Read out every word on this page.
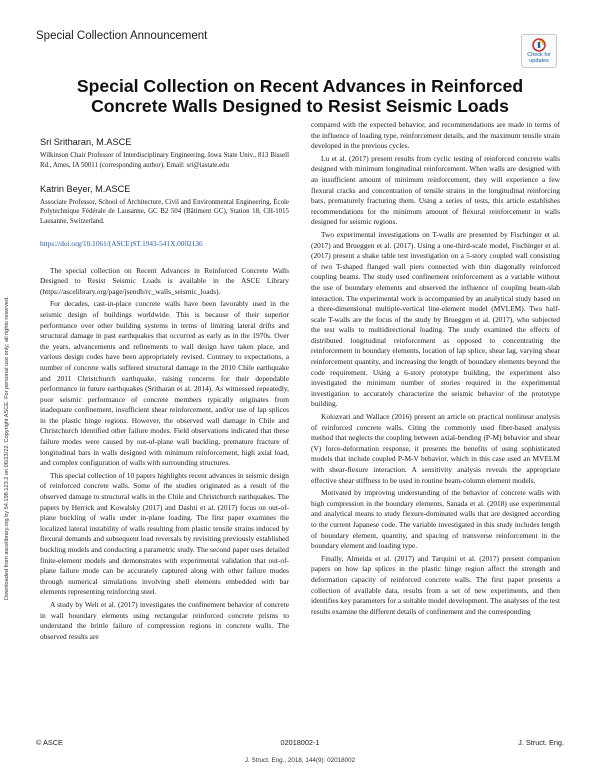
Special Collection Announcement
Check for
updates
Special Collection on Recent Advances in Reinforced Concrete Walls Designed to Resist Seismic Loads
Downloaded from ascelibrary.org by 54.198.123.2 on 06/23/22. Copyright ASCE. For personal use only; all rights reserved.
Sri Sritharan, M.ASCE
Wilkinson Chair Professor of Interdisciplinary Engineering, Iowa State Univ., 813 Bissell Rd., Ames, IA 50011 (corresponding author). Email: sri@iastate.edu
Katrin Beyer, M.ASCE
Associate Professor, School of Architecture, Civil and Environmental Engineering, École Polytechnique Fédérale de Lausanne, GC B2 504 (Bâtiment GC), Station 18, CH-1015 Lausanne, Switzerland.
https://doi.org/10.1061/(ASCE)ST.1943-541X.0002136

The special collection on Recent Advances in Reinforced Concrete Walls Designed to Resist Seismic Loads is available in the ASCE Library (https://ascelibrary.org/page/jsendh/rc_walls_seismic_loads).

For decades, cast-in-place concrete walls have been favorably used in the seismic design of buildings worldwide. This is because of their superior performance over other building systems in terms of limiting lateral drifts and structural damage in past earthquakes that occurred as early as in the 1970s. Over the years, advancements and refinements to wall design have taken place, and various design codes have been appropriately revised. Contrary to expectations, a number of concrete walls suffered structural damage in the 2010 Chile earthquake and 2011 Christchurch earthquake, raising concerns for their dependable performance in future earthquakes (Sritharan et al. 2014). As witnessed repeatedly, poor seismic performance of concrete members typically originates from inadequate confinement, insufficient shear reinforcement, and/or use of lap splices in the plastic hinge regions. However, the observed wall damage in Chile and Christchurch identified other failure modes. Field observations indicated that these failure modes were caused by out-of-plane wall buckling, premature fracture of longitudinal bars in walls designed with minimum reinforcement, high axial load, and complex configuration of walls with surrounding structures.

This special collection of 10 papers highlights recent advances in seismic design of reinforced concrete walls. Some of the studies originated as a result of the observed damage to structural walls in the Chile and Christchurch earthquakes. The papers by Herrick and Kowalsky (2017) and Dashti et al. (2017) focus on out-of-plane buckling of walls under in-plane loading. The first paper examines the localized lateral instability of walls resulting from plastic tensile strains induced by flexural demands and subsequent load reversals by revisiting previously established buckling models and conducting a parametric study. The second paper uses detailed finite-element models and demonstrates with experimental validation that out-of-plane failure mode can be accurately captured along with other failure modes through numerical simulations involving shell elements embedded with bar elements representing reinforcing steel.

A study by Welt et al. (2017) investigates the confinement behavior of concrete in wall boundary elements using rectangular reinforced concrete prisms to understand the brittle failure of compression regions in concrete walls. The observed results are

compared with the expected behavior, and recommendations are made in terms of the influence of loading type, reinforcement details, and the maximum tensile strain developed in the previous cycles.

Lu et al. (2017) present results from cyclic testing of reinforced concrete walls designed with minimum longitudinal reinforcement. When walls are designed with an insufficient amount of minimum reinforcement, they will experience a few flexural cracks and concentration of tensile strains in the longitudinal reinforcing bars, prematurely fracturing them. Using a series of tests, this article establishes recommendations for the minimum amount of flexural reinforcement in walls designed for seismic regions.

Two experimental investigations on T-walls are presented by Fischinger et al. (2017) and Brueggen et al. (2017). Using a one-third-scale model, Fischinger et al. (2017) present a shake table test investigation on a 5-story coupled wall consisting of two T-shaped flanged wall piers connected with thin diagonally reinforced coupling beams. The study used confinement reinforcement as a variable without the use of boundary elements and observed the influence of coupling beam-slab interaction. The experimental work is accompanied by an analytical study based on a three-dimensional multiple-vertical line-element model (MVLEM). Two half-scale T-walls are the focus of the study by Brueggen et al. (2017), who subjected the test walls to multidirectional loading. The study examined the effects of distributed longitudinal reinforcement as opposed to concentrating the reinforcement in boundary elements, location of lap splice, shear lag, varying shear reinforcement quantity, and increasing the length of boundary elements beyond the code requirement. Using a 6-story prototype building, the experiment also investigated the minimum number of stories required in the experimental investigation to accurately characterize the seismic behavior of the prototype building.

Kolozvari and Wallace (2016) present an article on practical nonlinear analysis of reinforced concrete walls. Citing the commonly used fiber-based analysis method that neglects the coupling between axial-bending (P-M) behavior and shear (V) force-deformation response, it presents the benefits of using sophisticated models that include coupled P-M-V behavior, which in this case used an MVELM with shear-flexure interaction. A sensitivity analysis reveals the appropriate effective shear stiffness to be used in routine beam-column element models.

Motivated by improving understanding of the behavior of concrete walls with high compression in the boundary elements, Sanada et al. (2018) use experimental and analytical means to study flexure-dominated walls that are designed according to the current Japanese code. The variable investigated in this study includes length of boundary element, quantity, and spacing of transverse reinforcement in the boundary element and loading type.

Finally, Almeida et al. (2017) and Tarquini et al. (2017) present companion papers on how lap splices in the plastic hinge region affect the strength and deformation capacity of reinforced concrete walls. The first paper presents a collection of available data, results from a set of new experiments, and then identifies key parameters for a suitable model development. The analyses of the test results examine the different details of confinement and the corresponding

© ASCE	02018002-1	J. Struct. Eng.
J. Struct. Eng., 2018, 144(9): 02018002
